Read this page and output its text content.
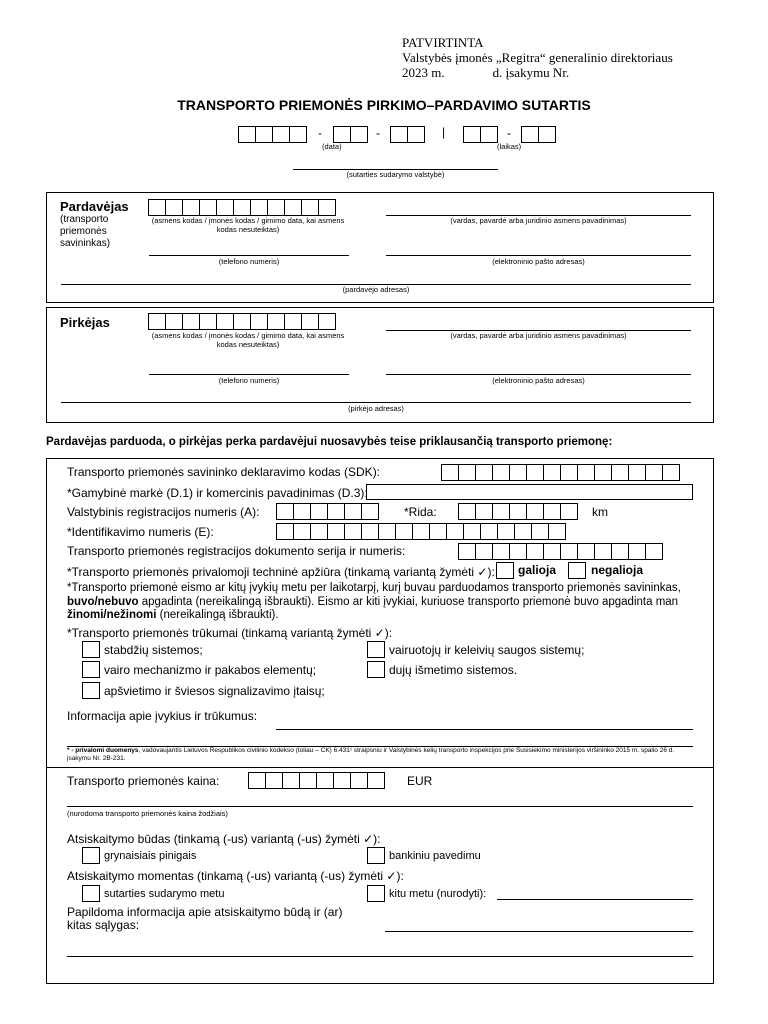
PATVIRTINTA
Valstybės įmonės „Regitra“ generalinio direktoriaus
2023 m.	d. įsakymu Nr.
TRANSPORTO PRIEMONĖS PIRKIMO–PARDAVIMO SUTARTIS
-	-	|	-
(data)	(laikas)
(sutarties sudarymo valstybė)
Pardavėjas
(transporto priemonės savininkas)
(asmens kodas / įmonės kodas / gimimo data, kai asmens kodas nesuteiktas)
(vardas, pavardė arba juridinio asmens pavadinimas)
(telefono numeris)	(elektroninio pašto adresas)
(pardavėjo adresas)
Pirkėjas
(asmens kodas / įmonės kodas / gimimo data, kai asmens kodas nesuteiktas)
(vardas, pavardė arba juridinio asmens pavadinimas)
(telefono numeris)	(elektroninio pašto adresas)
(pirkėjo adresas)
Pardavėjas parduoda, o pirkėjas perka pardavėjui nuosavybės teise priklausančią transporto priemonę:
Transporto priemonės savininko deklaravimo kodas (SDK):
*Gamybinė markė (D.1) ir komercinis pavadinimas (D.3):
Valstybinis registracijos numeris (A):	*Rida:	km
*Identifikavimo numeris (E):
Transporto priemonės registracijos dokumento serija ir numeris:
*Transporto priemonės privalomoji techninė apžiūra (tinkamą variantą žymėti ✓): galioja	negalioja
*Transporto priemonė eismo ar kitų įvykių metu per laikotarpį, kurį buvau parduodamos transporto priemonės savininkas,
buvo/nebuvo apgadinta (nereikalingą išbraukti). Eismo ar kiti įvykiai, kuriuose transporto priemonė buvo apgadinta man
žinomi/nežinomi (nereikalingą išbraukti).
*Transporto priemonės trūkumai (tinkamą variantą žymėti ✓):
stabdžių sistemos;
vairo mechanizmo ir pakabos elementų;
apšvietimo ir šviesos signalizavimo įtaisų;
vairuotojų ir keleivių saugos sistemų;
dujų išmetimo sistemos.
Informacija apie įvykius ir trūkumus:
* - privalomi duomenys, vadovaujantis Lietuvos Respublikos civilinio kodekso (toliau – CK) 6.431¹ straipsniu ir Valstybinės kelių transporto inspekcijos prie Susisiekimo ministerijos viršininko 2015 m. spalio 26 d. įsakymu Nr. 2B-231.
Transporto priemonės kaina:	EUR
(nurodoma transporto priemonės kaina žodžiais)
Atsiskaitymo būdas (tinkamą (-us) variantą (-us) žymėti ✓):
grynaisiais pinigais	bankiniu pavedimu
Atsiskaitymo momentas (tinkamą (-us) variantą (-us) žymėti ✓):
sutarties sudarymo metu	kitu metu (nurodyti):
Papildoma informacija apie atsiskaitymo būdą ir (ar)
kitas sąlygas:
